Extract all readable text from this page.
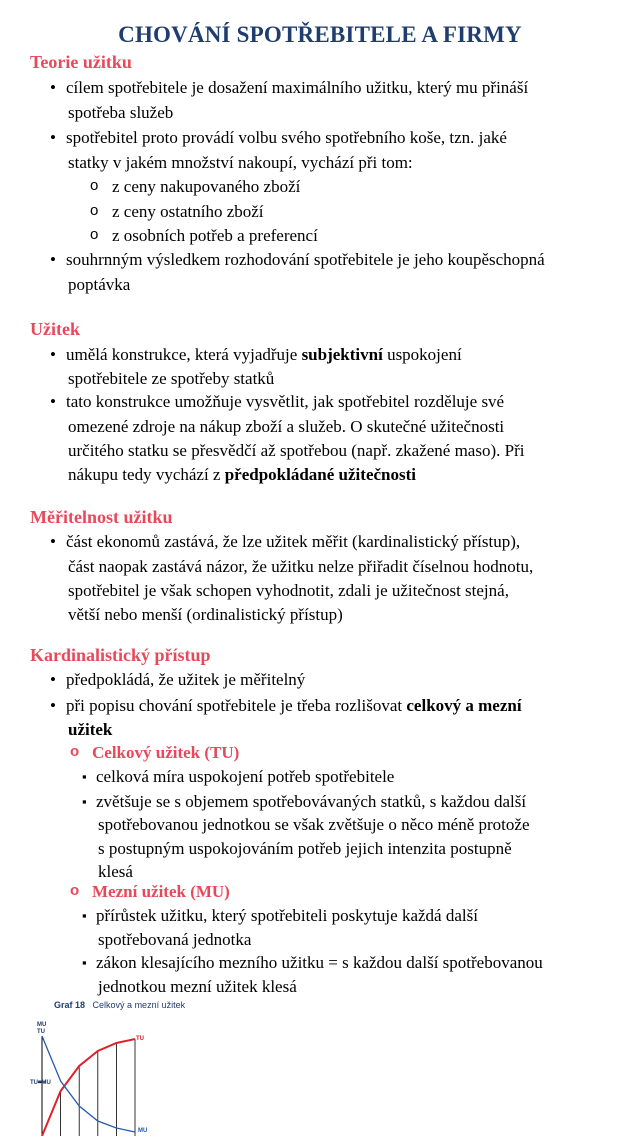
CHOVÁNÍ SPOTŘEBITELE A FIRMY
Teorie užitku
• cílem spotřebitele je dosažení maximálního užitku, který mu přináší
spotřeba služeb
• spotřebitel proto provádí volbu svého spotřebního koše, tzn. jaké
statky v jakém množství nakoupí, vychází při tom:
o z ceny nakupovaného zboží
o z ceny ostatního zboží
o z osobních potřeb a preferencí
• souhrnným výsledkem rozhodování spotřebitele je jeho koupěschopná
poptávka
Užitek
• umělá konstrukce, která vyjadřuje subjektivní uspokojení
spotřebitele ze spotřeby statků
• tato konstrukce umožňuje vysvětlit, jak spotřebitel rozděluje své
omezené zdroje na nákup zboží a služeb. O skutečné užitečnosti
určitého statku se přesvědčí až spotřebou (např. zkažené maso). Při
nákupu tedy vychází z předpokládané užitečnosti
Měřitelnost užitku
• část ekonomů zastává, že lze užitek měřit (kardinalistický přístup),
část naopak zastává názor, že užitku nelze přiřadit číselnou hodnotu,
spotřebitel je však schopen vyhodnotit, zdali je užitečnost stejná,
větší nebo menší (ordinalistický přístup)
Kardinalistický přístup
• předpokládá, že užitek je měřitelný
• při popisu chování spotřebitele je třeba rozlišovat celkový a mezní
užitek
o Celkový užitek (TU)
▪ celková míra uspokojení potřeb spotřebitele
▪ zvětšuje se s objemem spotřebovávaných statků, s každou další
spotřebovanou jednotkou se však zvětšuje o něco méně protože
s postupným uspokojováním potřeb jejich intenzita postupně
klesá
o Mezní užitek (MU)
▪ přírůstek užitku, který spotřebiteli poskytuje každá další
spotřebovaná jednotka
▪ zákon klesajícího mezního užitku = s každou další spotřebovanou
jednotkou mezní užitek klesá
Graf 18 Celkový a mezní užitek
MU
TU
TU=MU
TU
MU
